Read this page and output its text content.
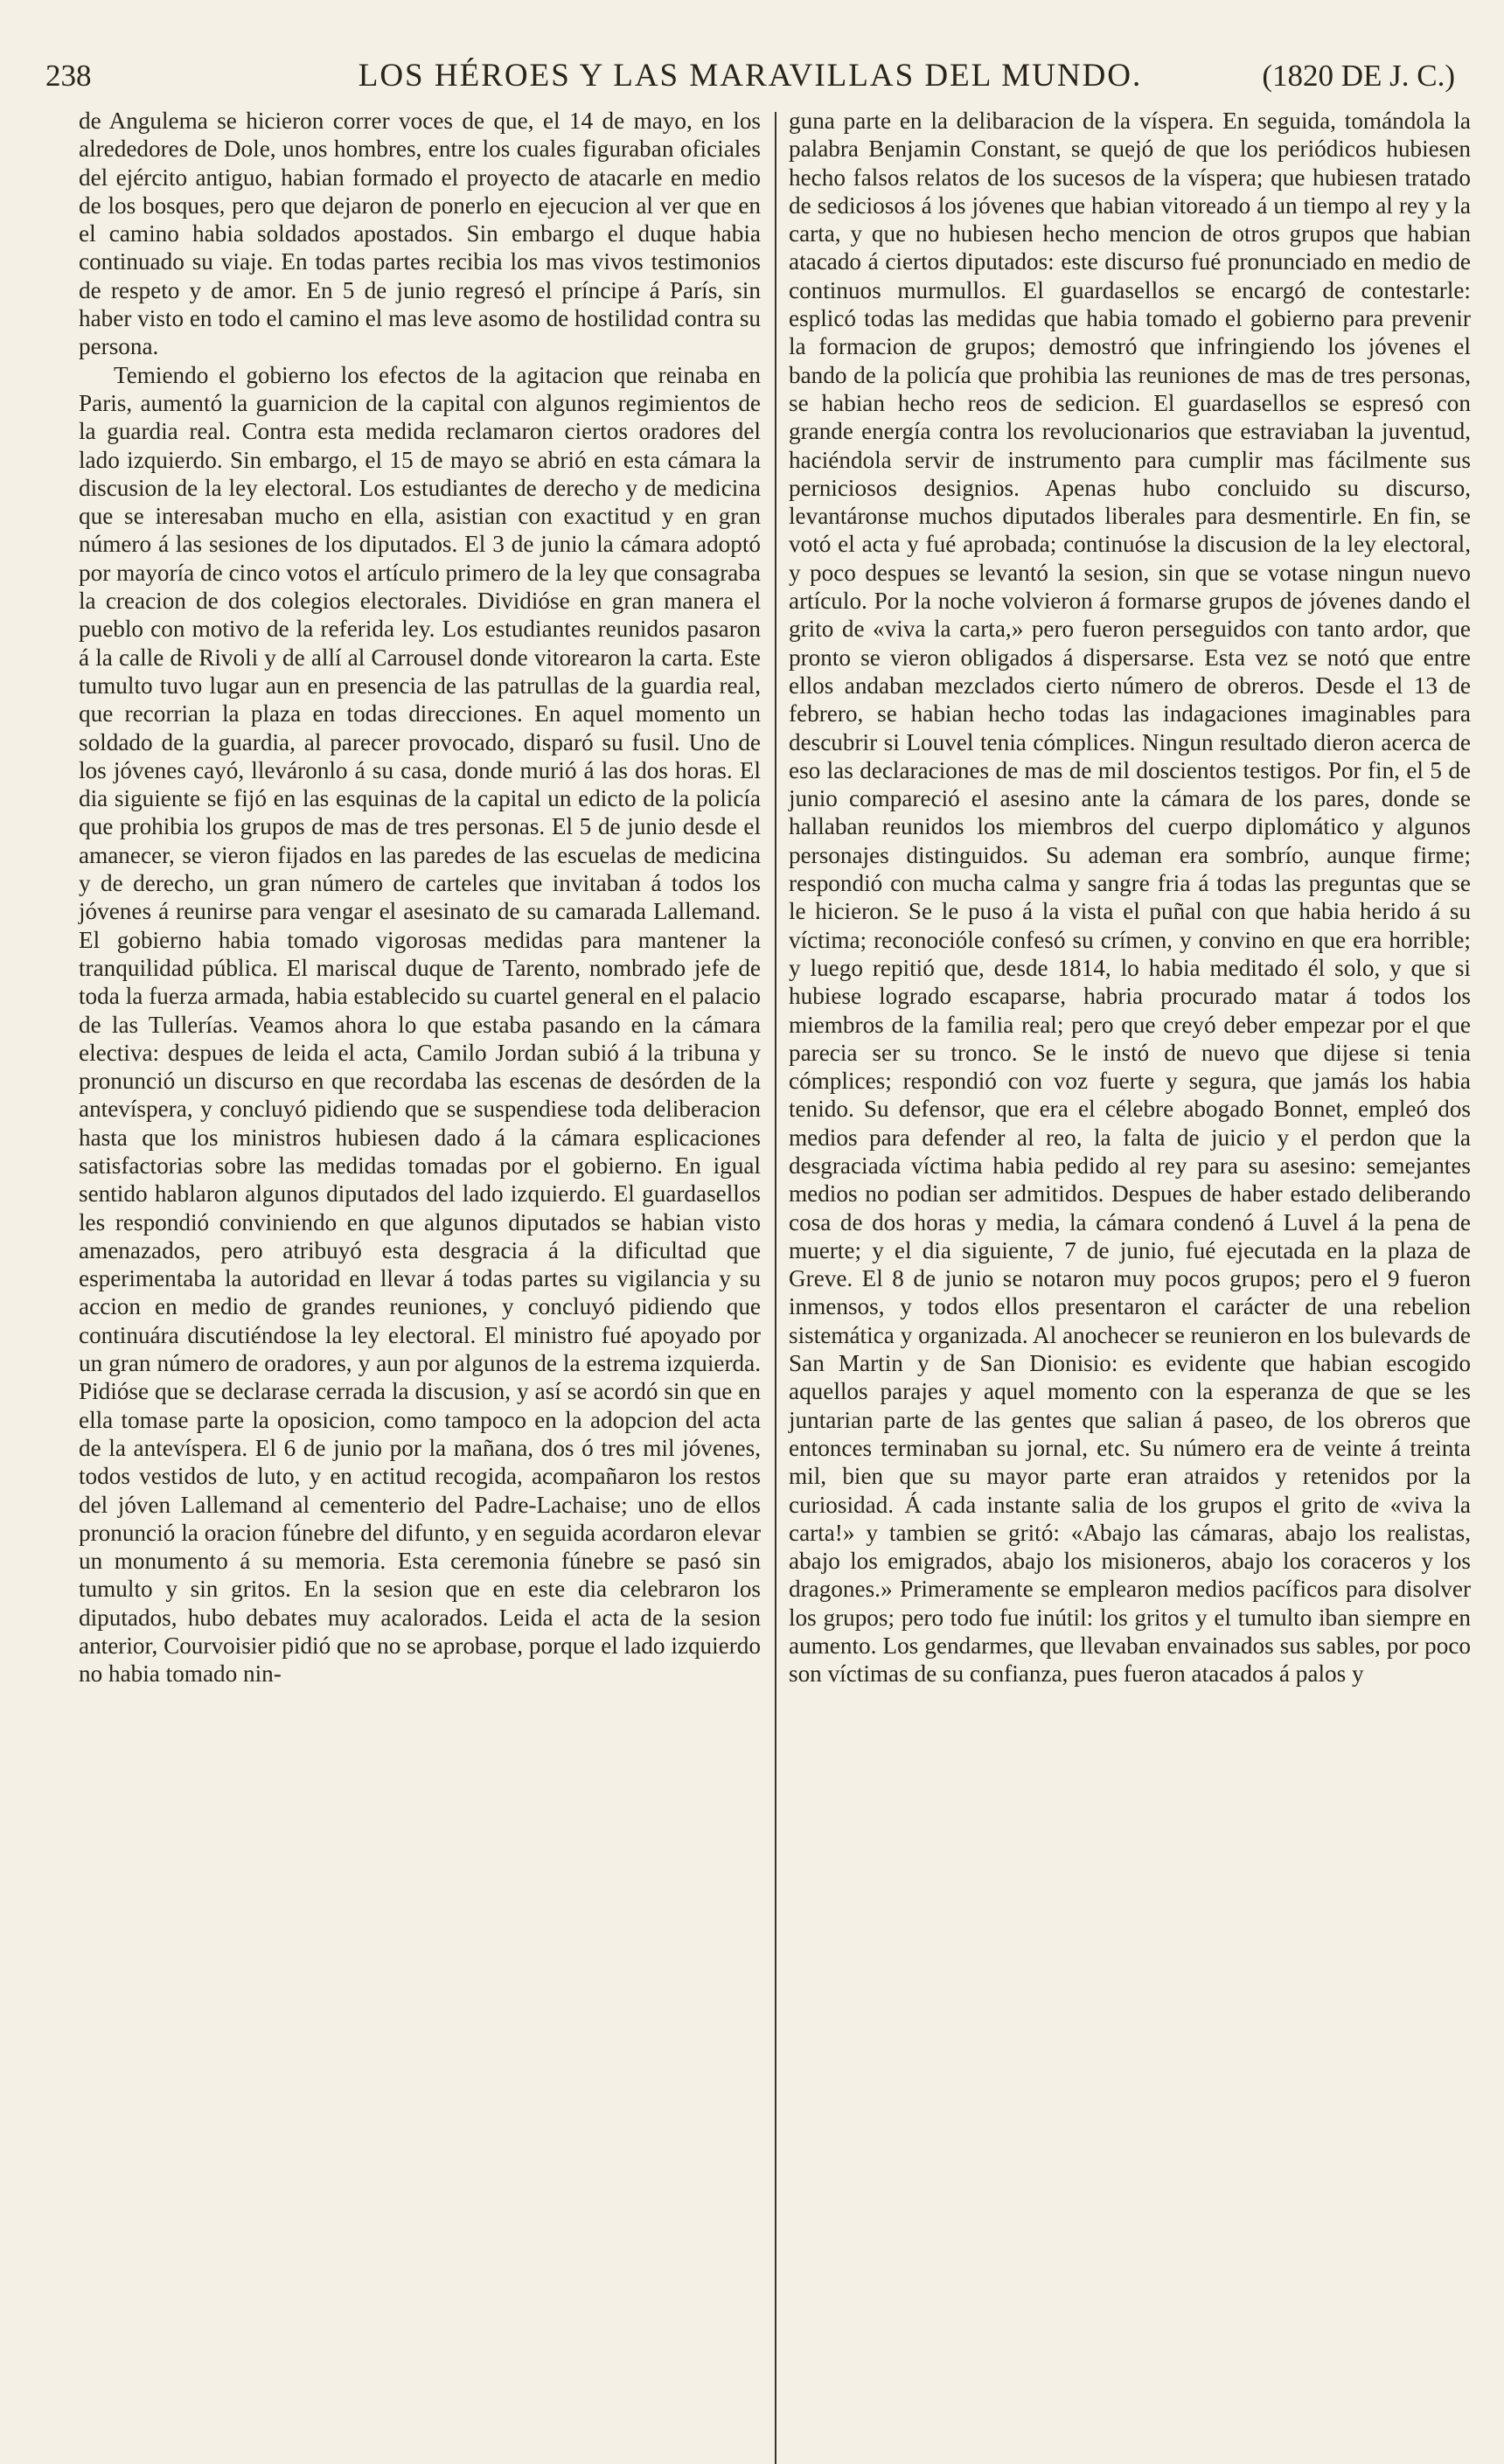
238	LOS HÉROES Y LAS MARAVILLAS DEL MUNDO.	(1820 DE J. C.)

de Angulema se hicieron correr voces de que, el 14 de mayo, en los alrededores de Dole, unos hombres, entre los cuales figuraban oficiales del ejército antiguo, habian formado el proyecto de atacarle en medio de los bosques, pero que dejaron de ponerlo en ejecucion al ver que en el camino habia soldados apostados. Sin embargo el duque habia continuado su viaje. En todas partes recibia los mas vivos testimonios de respeto y de amor. En 5 de junio regresó el príncipe á París, sin haber visto en todo el camino el mas leve asomo de hostilidad contra su persona.

Temiendo el gobierno los efectos de la agitacion que reinaba en Paris, aumentó la guarnicion de la capital con algunos regimientos de la guardia real. Contra esta medida reclamaron ciertos oradores del lado izquierdo. Sin embargo, el 15 de mayo se abrió en esta cámara la discusion de la ley electoral. Los estudiantes de derecho y de medicina que se interesaban mucho en ella, asistian con exactitud y en gran número á las sesiones de los diputados. El 3 de junio la cámara adoptó por mayoría de cinco votos el artículo primero de la ley que consagraba la creacion de dos colegios electorales. Dividióse en gran manera el pueblo con motivo de la referida ley. Los estudiantes reunidos pasaron á la calle de Rivoli y de allí al Carrousel donde vitorearon la carta. Este tumulto tuvo lugar aun en presencia de las patrullas de la guardia real, que recorrian la plaza en todas direcciones. En aquel momento un soldado de la guardia, al parecer provocado, disparó su fusil. Uno de los jóvenes cayó, lleváronlo á su casa, donde murió á las dos horas. El dia siguiente se fijó en las esquinas de la capital un edicto de la policía que prohibia los grupos de mas de tres personas. El 5 de junio desde el amanecer, se vieron fijados en las paredes de las escuelas de medicina y de derecho, un gran número de carteles que invitaban á todos los jóvenes á reunirse para vengar el asesinato de su camarada Lallemand. El gobierno habia tomado vigorosas medidas para mantener la tranquilidad pública. El mariscal duque de Tarento, nombrado jefe de toda la fuerza armada, habia establecido su cuartel general en el palacio de las Tullerías. Veamos ahora lo que estaba pasando en la cámara electiva: despues de leida el acta, Camilo Jordan subió á la tribuna y pronunció un discurso en que recordaba las escenas de desórden de la antevíspera, y concluyó pidiendo que se suspendiese toda deliberacion hasta que los ministros hubiesen dado á la cámara esplicaciones satisfactorias sobre las medidas tomadas por el gobierno. En igual sentido hablaron algunos diputados del lado izquierdo. El guardasellos les respondió conviniendo en que algunos diputados se habian visto amenazados, pero atribuyó esta desgracia á la dificultad que esperimentaba la autoridad en llevar á todas partes su vigilancia y su accion en medio de grandes reuniones, y concluyó pidiendo que continuára discutiéndose la ley electoral. El ministro fué apoyado por un gran número de oradores, y aun por algunos de la estrema izquierda. Pidióse que se declarase cerrada la discusion, y así se acordó sin que en ella tomase parte la oposicion, como tampoco en la adopcion del acta de la antevíspera. El 6 de junio por la mañana, dos ó tres mil jóvenes, todos vestidos de luto, y en actitud recogida, acompañaron los restos del jóven Lallemand al cementerio del Padre-Lachaise; uno de ellos pronunció la oracion fúnebre del difunto, y en seguida acordaron elevar un monumento á su memoria. Esta ceremonia fúnebre se pasó sin tumulto y sin gritos. En la sesion que en este dia celebraron los diputados, hubo debates muy acalorados. Leida el acta de la sesion anterior, Courvoisier pidió que no se aprobase, porque el lado izquierdo no habia tomado nin-

guna parte en la delibaracion de la víspera. En seguida, tomándola la palabra Benjamin Constant, se quejó de que los periódicos hubiesen hecho falsos relatos de los sucesos de la víspera; que hubiesen tratado de sediciosos á los jóvenes que habian vitoreado á un tiempo al rey y la carta, y que no hubiesen hecho mencion de otros grupos que habian atacado á ciertos diputados: este discurso fué pronunciado en medio de continuos murmullos. El guardasellos se encargó de contestarle: esplicó todas las medidas que habia tomado el gobierno para prevenir la formacion de grupos; demostró que infringiendo los jóvenes el bando de la policía que prohibia las reuniones de mas de tres personas, se habian hecho reos de sedicion. El guardasellos se espresó con grande energía contra los revolucionarios que estraviaban la juventud, haciéndola servir de instrumento para cumplir mas fácilmente sus perniciosos designios. Apenas hubo concluido su discurso, levantáronse muchos diputados liberales para desmentirle. En fin, se votó el acta y fué aprobada; continuóse la discusion de la ley electoral, y poco despues se levantó la sesion, sin que se votase ningun nuevo artículo. Por la noche volvieron á formarse grupos de jóvenes dando el grito de «viva la carta,» pero fueron perseguidos con tanto ardor, que pronto se vieron obligados á dispersarse. Esta vez se notó que entre ellos andaban mezclados cierto número de obreros. Desde el 13 de febrero, se habian hecho todas las indagaciones imaginables para descubrir si Louvel tenia cómplices. Ningun resultado dieron acerca de eso las declaraciones de mas de mil doscientos testigos. Por fin, el 5 de junio compareció el asesino ante la cámara de los pares, donde se hallaban reunidos los miembros del cuerpo diplomático y algunos personajes distinguidos. Su ademan era sombrío, aunque firme; respondió con mucha calma y sangre fria á todas las preguntas que se le hicieron. Se le puso á la vista el puñal con que habia herido á su víctima; reconocióle confesó su crímen, y convino en que era horrible; y luego repitió que, desde 1814, lo habia meditado él solo, y que si hubiese logrado escaparse, habria procurado matar á todos los miembros de la familia real; pero que creyó deber empezar por el que parecia ser su tronco. Se le instó de nuevo que dijese si tenia cómplices; respondió con voz fuerte y segura, que jamás los habia tenido. Su defensor, que era el célebre abogado Bonnet, empleó dos medios para defender al reo, la falta de juicio y el perdon que la desgraciada víctima habia pedido al rey para su asesino: semejantes medios no podian ser admitidos. Despues de haber estado deliberando cosa de dos horas y media, la cámara condenó á Luvel á la pena de muerte; y el dia siguiente, 7 de junio, fué ejecutada en la plaza de Greve. El 8 de junio se notaron muy pocos grupos; pero el 9 fueron inmensos, y todos ellos presentaron el carácter de una rebelion sistemática y organizada. Al anochecer se reunieron en los bulevards de San Martin y de San Dionisio: es evidente que habian escogido aquellos parajes y aquel momento con la esperanza de que se les juntarian parte de las gentes que salian á paseo, de los obreros que entonces terminaban su jornal, etc. Su número era de veinte á treinta mil, bien que su mayor parte eran atraidos y retenidos por la curiosidad. Á cada instante salia de los grupos el grito de «viva la carta!» y tambien se gritó: «Abajo las cámaras, abajo los realistas, abajo los emigrados, abajo los misioneros, abajo los coraceros y los dragones.» Primeramente se emplearon medios pacíficos para disolver los grupos; pero todo fue inútil: los gritos y el tumulto iban siempre en aumento. Los gendarmes, que llevaban envainados sus sables, por poco son víctimas de su confianza, pues fueron atacados á palos y
